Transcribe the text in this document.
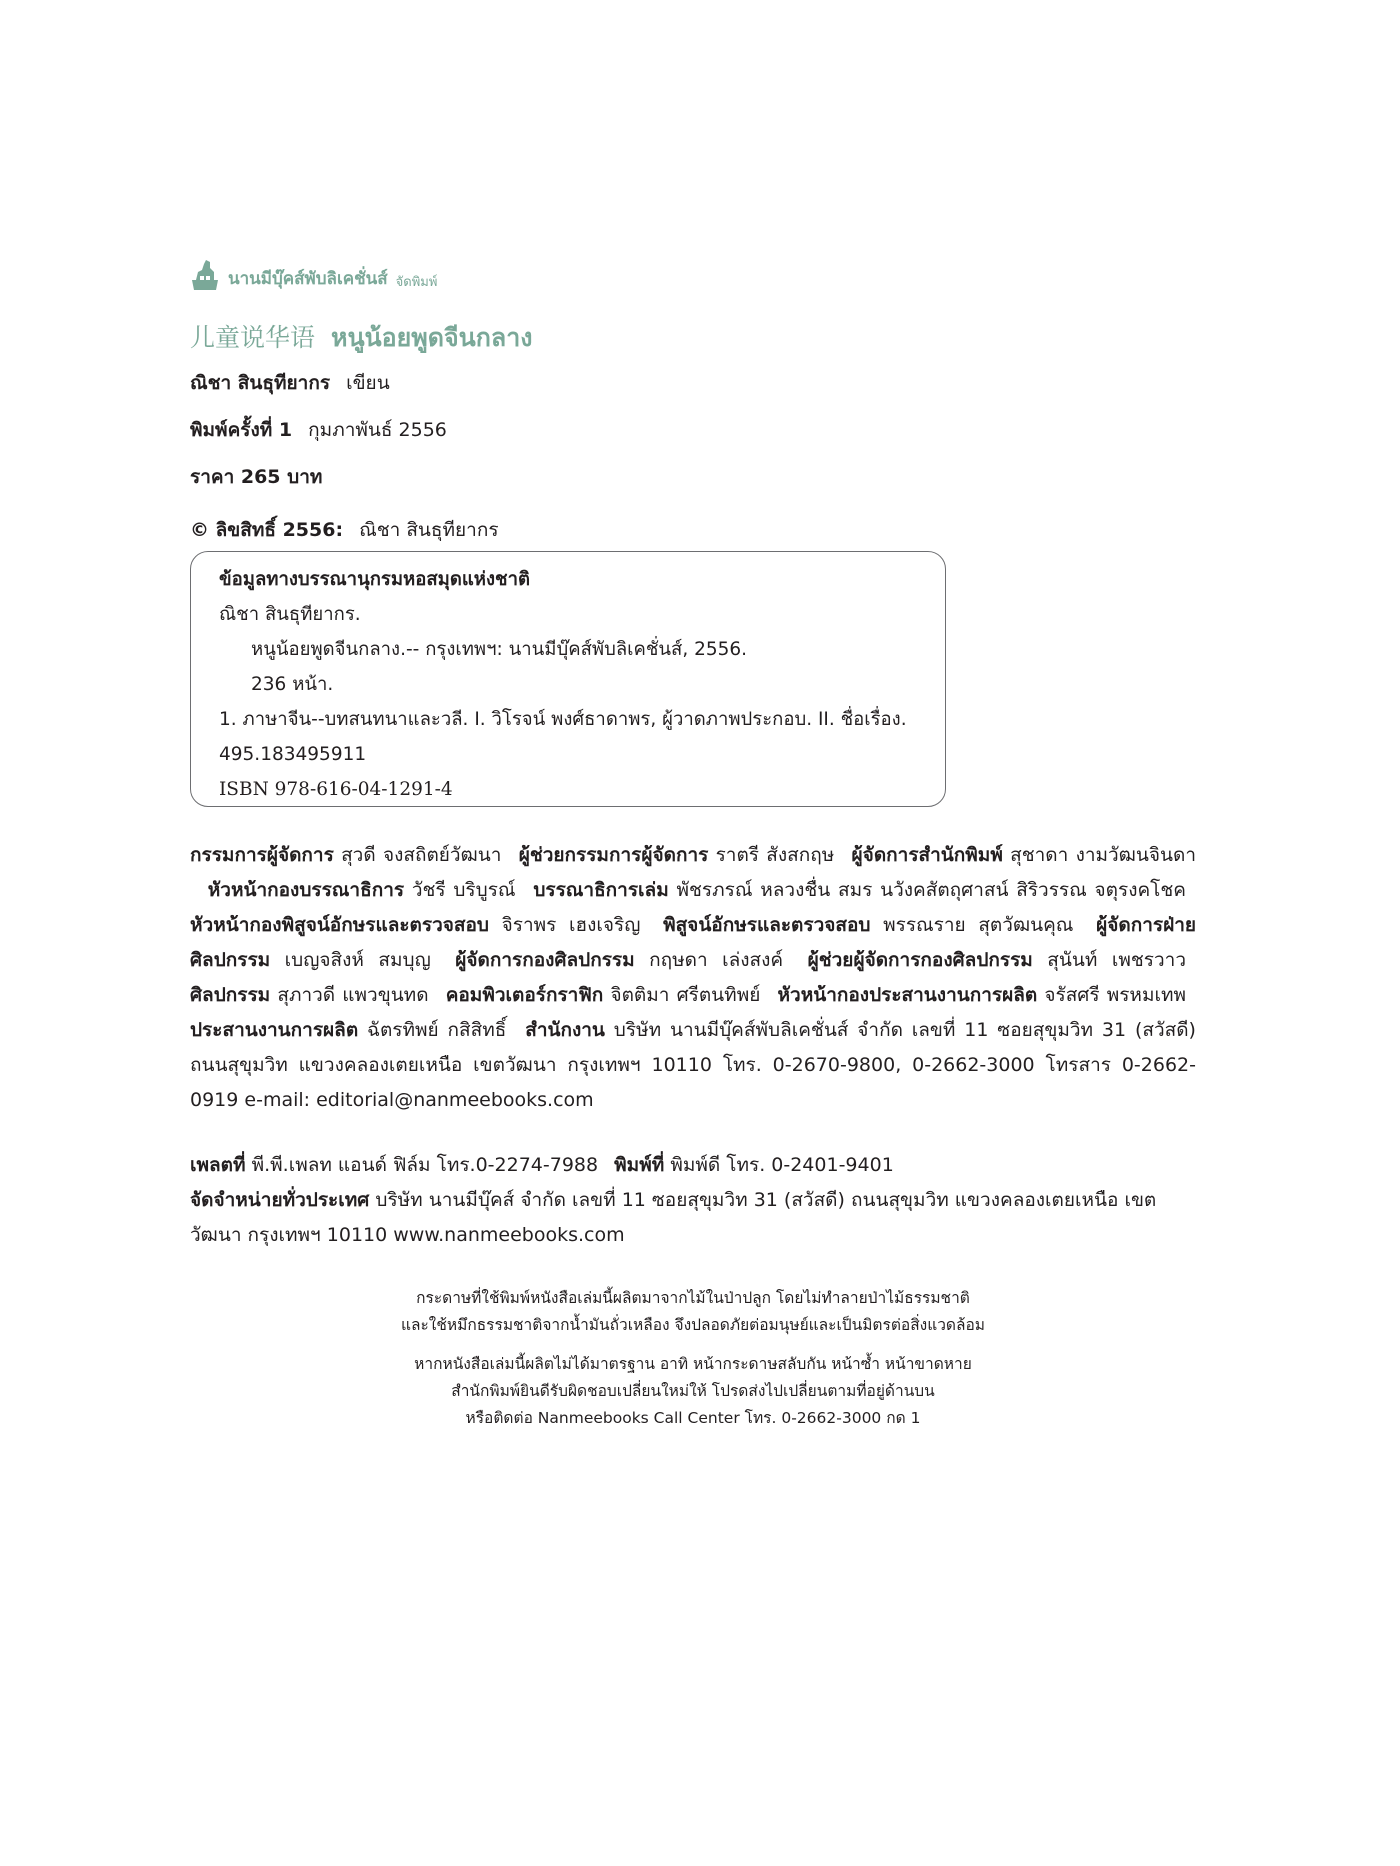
นานมีบุ๊คส์พับลิเคชั่นส์ จัดพิมพ์
儿童说华语 หนูน้อยพูดจีนกลาง
ณิชา สินธุทียากร เขียน
พิมพ์ครั้งที่ 1 กุมภาพันธ์ 2556
ราคา 265 บาท
© ลิขสิทธิ์ 2556: ณิชา สินธุทียากร
ข้อมูลทางบรรณานุกรมหอสมุดแห่งชาติ
ณิชา สินธุทียากร.
หนูน้อยพูดจีนกลาง.-- กรุงเทพฯ: นานมีบุ๊คส์พับลิเคชั่นส์, 2556.
236 หน้า.
1. ภาษาจีน--บทสนทนาและวลี. I. วิโรจน์ พงศ์ธาดาพร, ผู้วาดภาพประกอบ. II. ชื่อเรื่อง.
495.183495911
ISBN 978-616-04-1291-4
กรรมการผู้จัดการ สุวดี จงสถิตย์วัฒนา ผู้ช่วยกรรมการผู้จัดการ ราตรี สังสกฤษ ผู้จัดการสำนักพิมพ์ สุชาดา งามวัฒนจินดา หัวหน้ากองบรรณาธิการ วัชรี บริบูรณ์ บรรณาธิการเล่ม พัชรภรณ์ หลวงชื่น สมร นวังคสัตถุศาสน์ สิริวรรณ จตุรงคโชค หัวหน้ากองพิสูจน์อักษรและตรวจสอบ จิราพร เฮงเจริญ พิสูจน์อักษรและตรวจสอบ พรรณราย สุตวัฒนคุณ ผู้จัดการฝ่ายศิลปกรรม เบญจสิงห์ สมบุญ ผู้จัดการกองศิลปกรรม กฤษดา เล่งสงค์ ผู้ช่วยผู้จัดการกองศิลปกรรม สุนันท์ เพชรวาว ศิลปกรรม สุภาวดี แพวขุนทด คอมพิวเตอร์กราฟิก จิตติมา ศรีตนทิพย์ หัวหน้ากองประสานงานการผลิต จรัสศรี พรหมเทพ ประสานงานการผลิต ฉัตรทิพย์ กสิสิทธิ์ สำนักงาน บริษัท นานมีบุ๊คส์พับลิเคชั่นส์ จำกัด เลขที่ 11 ซอยสุขุมวิท 31 (สวัสดี) ถนนสุขุมวิท แขวงคลองเตยเหนือ เขตวัฒนา กรุงเทพฯ 10110 โทร. 0-2670-9800, 0-2662-3000 โทรสาร 0-2662-0919 e-mail: editorial@nanmeebooks.com
เพลตที่ พี.พี.เพลท แอนด์ ฟิล์ม โทร.0-2274-7988 พิมพ์ที่ พิมพ์ดี โทร. 0-2401-9401
จัดจำหน่ายทั่วประเทศ บริษัท นานมีบุ๊คส์ จำกัด เลขที่ 11 ซอยสุขุมวิท 31 (สวัสดี) ถนนสุขุมวิท แขวงคลองเตยเหนือ เขตวัฒนา กรุงเทพฯ 10110 www.nanmeebooks.com
กระดาษที่ใช้พิมพ์หนังสือเล่มนี้ผลิตมาจากไม้ในป่าปลูก โดยไม่ทำลายป่าไม้ธรรมชาติ
และใช้หมึกธรรมชาติจากน้ำมันถั่วเหลือง จึงปลอดภัยต่อมนุษย์และเป็นมิตรต่อสิ่งแวดล้อม
หากหนังสือเล่มนี้ผลิตไม่ได้มาตรฐาน อาทิ หน้ากระดาษสลับกัน หน้าซ้ำ หน้าขาดหาย
สำนักพิมพ์ยินดีรับผิดชอบเปลี่ยนใหม่ให้ โปรดส่งไปเปลี่ยนตามที่อยู่ด้านบน
หรือติดต่อ Nanmeebooks Call Center โทร. 0-2662-3000 กด 1
